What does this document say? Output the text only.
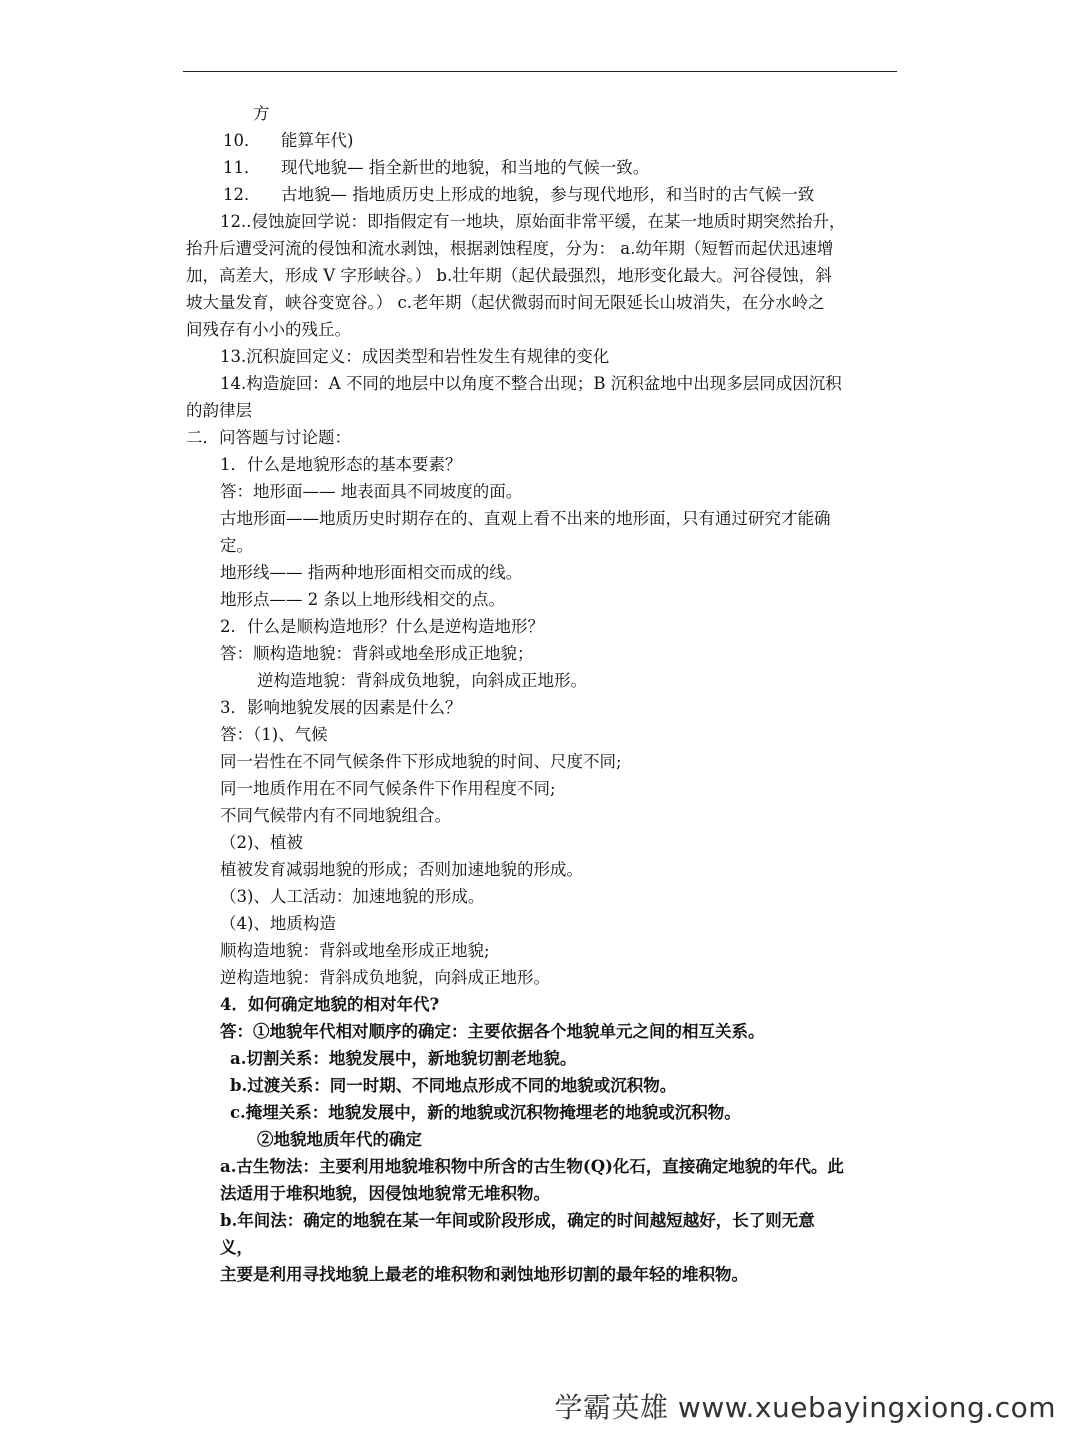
方
10． 能算年代)
11． 现代地貌— 指全新世的地貌，和当地的气候一致。
12． 古地貌— 指地质历史上形成的地貌，参与现代地形，和当时的古气候一致
12..侵蚀旋回学说：即指假定有一地块，原始面非常平缓，在某一地质时期突然抬升，
抬升后遭受河流的侵蚀和流水剥蚀，根据剥蚀程度，分为： a.幼年期（短暂而起伏迅速增
加，高差大，形成 V 字形峡谷。） b.壮年期（起伏最强烈，地形变化最大。河谷侵蚀，斜
坡大量发育，峡谷变宽谷。） c.老年期（起伏微弱而时间无限延长山坡消失，在分水岭之
间残存有小小的残丘。
13.沉积旋回定义：成因类型和岩性发生有规律的变化
14.构造旋回：A 不同的地层中以角度不整合出现；B 沉积盆地中出现多层同成因沉积
的韵律层
二．问答题与讨论题：
1．什么是地貌形态的基本要素？
答：地形面—— 地表面具不同坡度的面。
古地形面——地质历史时期存在的、直观上看不出来的地形面，只有通过研究才能确
定。
地形线—— 指两种地形面相交而成的线。
地形点—— 2 条以上地形线相交的点。
2．什么是顺构造地形？什么是逆构造地形？
答：顺构造地貌：背斜或地垒形成正地貌；
逆构造地貌：背斜成负地貌，向斜成正地形。
3．影响地貌发展的因素是什么？
答：（1)、气候
同一岩性在不同气候条件下形成地貌的时间、尺度不同;
同一地质作用在不同气候条件下作用程度不同;
不同气候带内有不同地貌组合。
（2)、植被
植被发育减弱地貌的形成；否则加速地貌的形成。
（3)、人工活动：加速地貌的形成。
（4)、地质构造
顺构造地貌：背斜或地垒形成正地貌;
逆构造地貌：背斜成负地貌，向斜成正地形。
4．如何确定地貌的相对年代?
答：①地貌年代相对顺序的确定：主要依据各个地貌单元之间的相互关系。
a.切割关系：地貌发展中，新地貌切割老地貌。
b.过渡关系：同一时期、不同地点形成不同的地貌或沉积物。
c.掩埋关系：地貌发展中，新的地貌或沉积物掩埋老的地貌或沉积物。
②地貌地质年代的确定
a.古生物法：主要利用地貌堆积物中所含的古生物(Q)化石，直接确定地貌的年代。此
法适用于堆积地貌，因侵蚀地貌常无堆积物。
b.年间法：确定的地貌在某一年间或阶段形成，确定的时间越短越好，长了则无意
义，
主要是利用寻找地貌上最老的堆积物和剥蚀地形切割的最年轻的堆积物。
学霸英雄 www.xuebayingxiong.com
